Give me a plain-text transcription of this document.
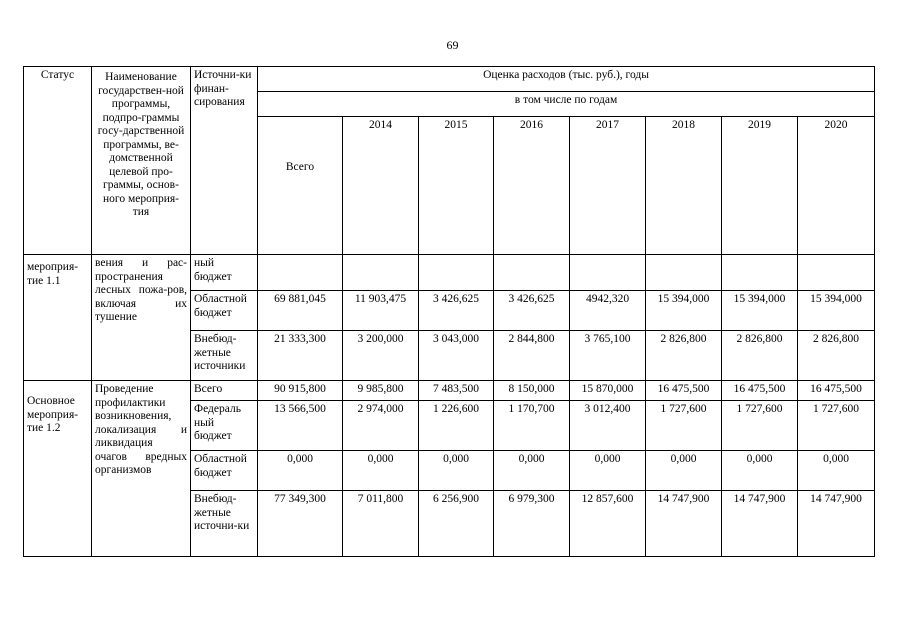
69
Статус	Наименование государствен-ной программы, подпро-граммы госу-дарственной программы, ве-домственной целевой про-граммы, основ-ного мероприя-тия	Источни-ки финан-сирования	Оценка расходов (тыс. руб.), годы							
			в том числе по годам							
			Всего	2014	2015	2016	2017	2018	2019	2020
мероприя-тие 1.1	вения и рас-пространения лесных пожа-ров, включая их тушение	ный бюджет								
		Областной бюджет	69 881,045	11 903,475	3 426,625	3 426,625	4942,320	15 394,000	15 394,000	15 394,000
		Внебюд-жетные источники	21 333,300	3 200,000	3 043,000	2 844,800	3 765,100	2 826,800	2 826,800	2 826,800
Основное мероприя-тие 1.2	Проведение профилактики возникновения, локализация и ликвидация очагов вредных организмов	Всего	90 915,800	9 985,800	7 483,500	8 150,000	15 870,000	16 475,500	16 475,500	16 475,500
		Федераль ный бюджет	13 566,500	2 974,000	1 226,600	1 170,700	3 012,400	1 727,600	1 727,600	1 727,600
		Областной бюджет	0,000	0,000	0,000	0,000	0,000	0,000	0,000	0,000
		Внебюд-жетные источни-ки	77 349,300	7 011,800	6 256,900	6 979,300	12 857,600	14 747,900	14 747,900	14 747,900
